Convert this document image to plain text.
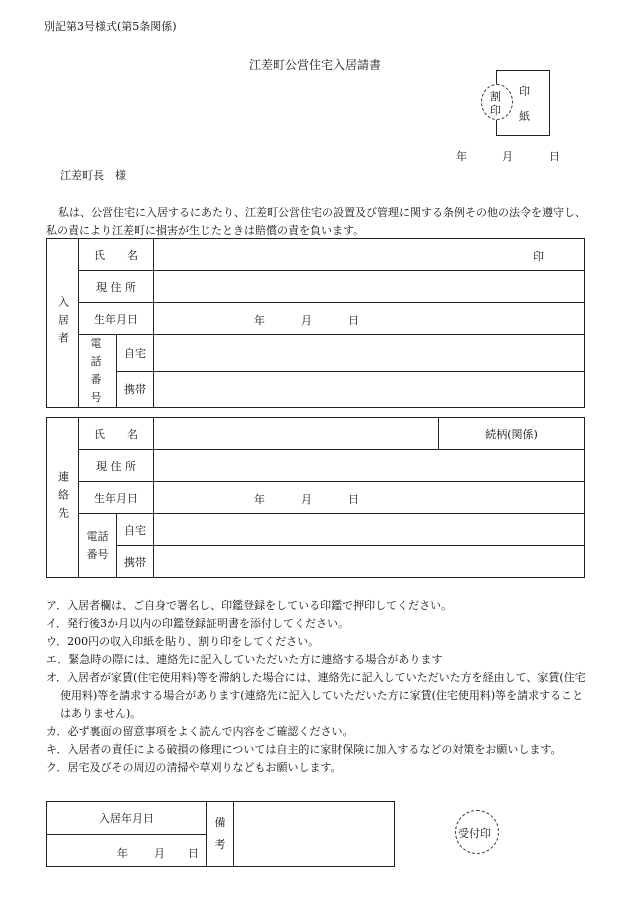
別記第3号様式(第5条関係)
江差町公営住宅入居請書
印
紙
割
印
年	月	日
江差町長　様
私は、公営住宅に入居するにあたり、江差町公営住宅の設置及び管理に関する条例その他の法令を遵守し、私の責により江差町に損害が生じたときは賠償の責を負います。
入居者	氏　　名		印

	現 住 所	
	生年月日		年 月 日

	電話番号	自宅	
		携帯	
連絡先	氏　　名			続柄(関係)
	現 住 所	
	生年月日		年 月 日	

	電話番号	自宅	
		携帯	
ア．入居者欄は、ご自身で署名し、印鑑登録をしている印鑑で押印してください。
イ．発行後3か月以内の印鑑登録証明書を添付してください。
ウ．200円の収入印紙を貼り、割り印をしてください。
エ．緊急時の際には、連絡先に記入していただいた方に連絡する場合があります
オ．入居者が家賃(住宅使用料)等を滞納した場合には、連絡先に記入していただいた方を経由して、家賃(住宅使用料)等を請求する場合があります(連絡先に記入していただいた方に家賃(住宅使用料)等を請求することはありません)。
カ．必ず裏面の留意事項をよく読んで内容をご確認ください。
キ．入居者の責任による破損の修理については自主的に家財保険に加入するなどの対策をお願いします。
ク．居宅及びその周辺の清掃や草刈りなどもお願いします。
入居年月日	備考

年 月 日
受付印
